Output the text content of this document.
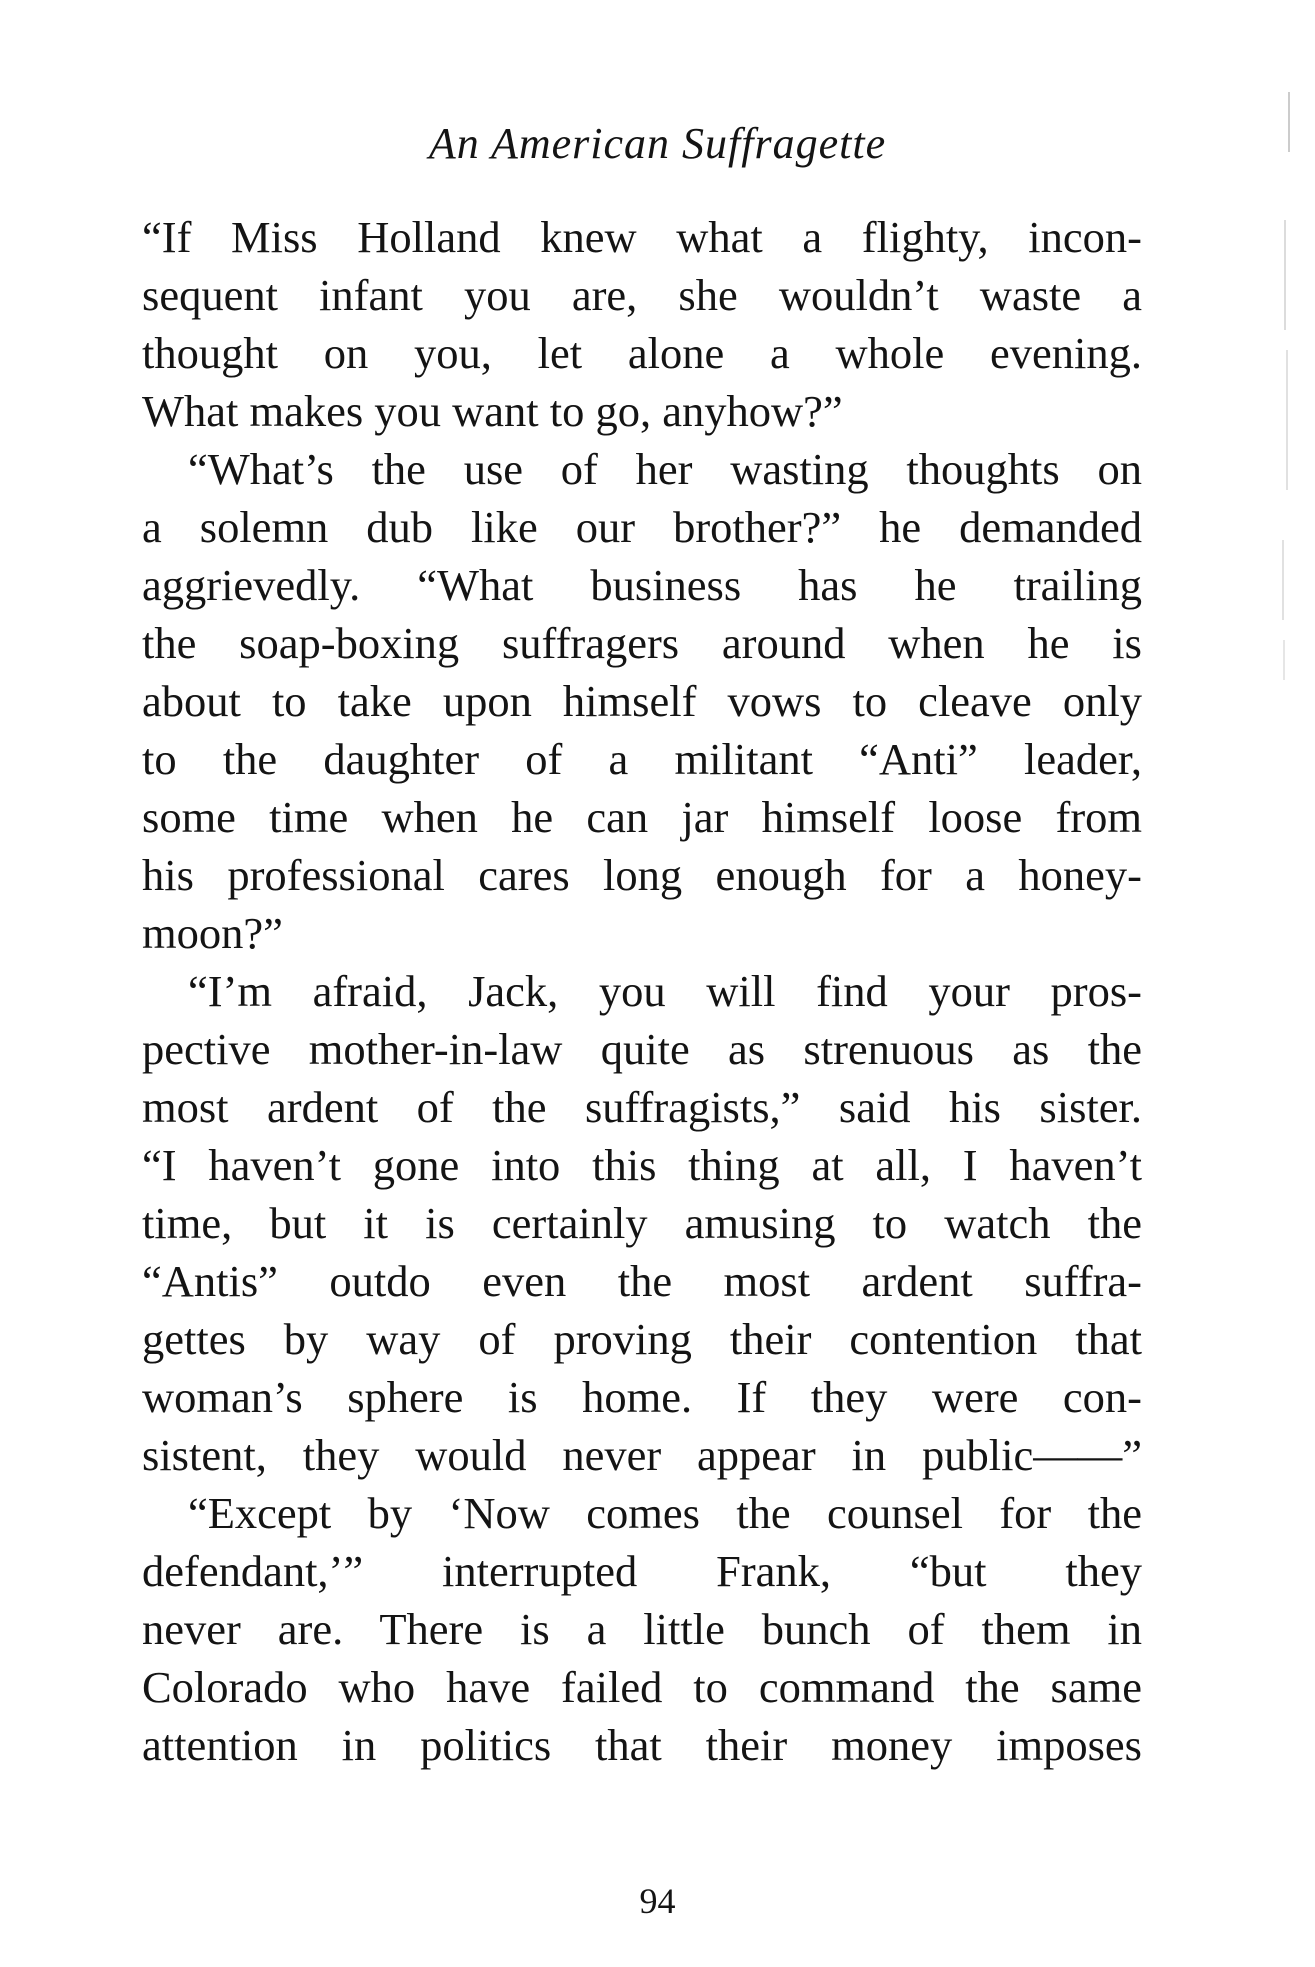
An American Suffragette
“If Miss Holland knew what a flighty, incon-
sequent infant you are, she wouldn’t waste a
thought on you, let alone a whole evening.
What makes you want to go, anyhow?”
“What’s the use of her wasting thoughts on
a solemn dub like our brother?” he demanded
aggrievedly. “What business has he trailing
the soap-boxing suffragers around when he is
about to take upon himself vows to cleave only
to the daughter of a militant “Anti” leader,
some time when he can jar himself loose from
his professional cares long enough for a honey-
moon?”
“I’m afraid, Jack, you will find your pros-
pective mother-in-law quite as strenuous as the
most ardent of the suffragists,” said his sister.
“I haven’t gone into this thing at all, I haven’t
time, but it is certainly amusing to watch the
“Antis” outdo even the most ardent suffra-
gettes by way of proving their contention that
woman’s sphere is home. If they were con-
sistent, they would never appear in public——”
“Except by ‘Now comes the counsel for the
defendant,’” interrupted Frank, “but they
never are. There is a little bunch of them in
Colorado who have failed to command the same
attention in politics that their money imposes
94
